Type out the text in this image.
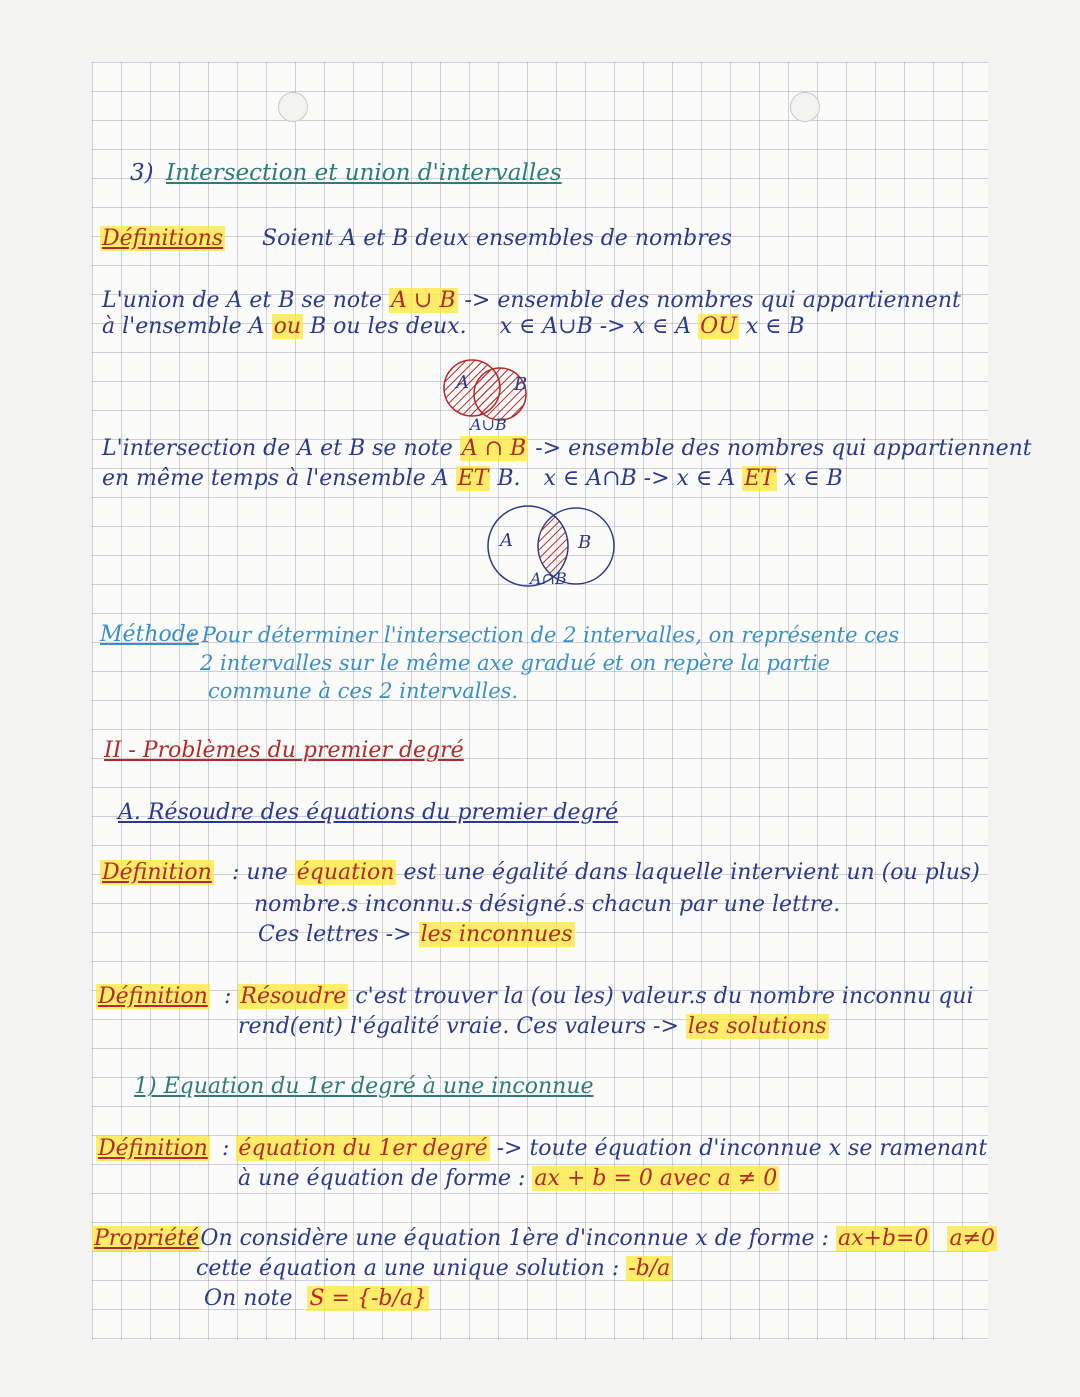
3) Intersection et union d'intervalles
Définitions Soient A et B deux ensembles de nombres
L'union de A et B se note A ∪ B -> ensemble des nombres qui appartiennent
à l'ensemble A ou B ou les deux. x ∈ A∪B -> x ∈ A OU x ∈ B
A	B
A∪B
L'intersection de A et B se note A ∩ B -> ensemble des nombres qui appartiennent
en même temps à l'ensemble A ET B. x ∈ A∩B -> x ∈ A ET x ∈ B
A	B
A∩B
Méthode
: Pour déterminer l'intersection de 2 intervalles, on représente ces
2 intervalles sur le même axe gradué et on repère la partie
commune à ces 2 intervalles.
II - Problèmes du premier degré
A. Résoudre des équations du premier degré
Définition : une équation est une égalité dans laquelle intervient un (ou plus)
nombre.s inconnu.s désigné.s chacun par une lettre.
Ces lettres -> les inconnues
Définition : Résoudre c'est trouver la (ou les) valeur.s du nombre inconnu qui
rend(ent) l'égalité vraie. Ces valeurs -> les solutions
1) Equation du 1er degré à une inconnue
Définition : équation du 1er degré -> toute équation d'inconnue x se ramenant
à une équation de forme : ax + b = 0 avec a ≠ 0
Propriété
: On considère une équation 1ère d'inconnue x de forme : ax+b=0 a≠0
cette équation a une unique solution : -b/a
On note S = {-b/a}
